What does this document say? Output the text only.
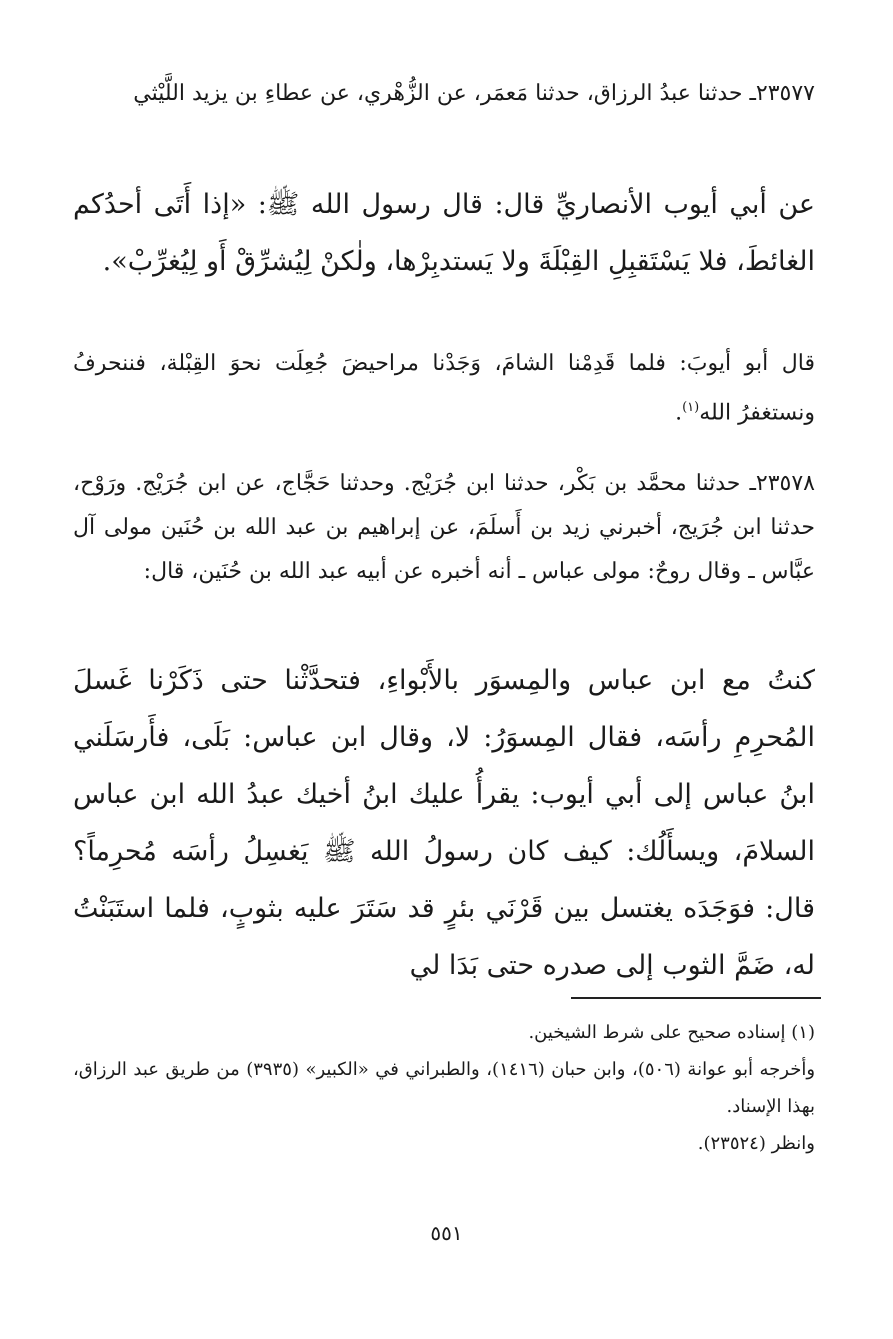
٢٣٥٧٧ـ حدثنا عبدُ الرزاق، حدثنا مَعمَر، عن الزُّهْري، عن عطاءِ بن يزيد اللَّيْثي

عن أبي أيوب الأنصاريِّ قال: قال رسول الله ﷺ: «إذا أَتَى أحدُكم الغائطَ، فلا يَسْتَقبِلِ القِبْلَةَ ولا يَستدبِرْها، ولٰكنْ لِيُشرِّقْ أَو لِيُغرِّبْ».

قال أبو أيوبَ: فلما قَدِمْنا الشامَ، وَجَدْنا مراحيضَ جُعِلَت نحوَ القِبْلة، فننحرفُ ونستغفرُ الله$^{(١)}$.

٢٣٥٧٨ـ حدثنا محمَّد بن بَكْر، حدثنا ابن جُرَيْج. وحدثنا حَجَّاج، عن ابن جُرَيْج. ورَوْح، حدثنا ابن جُرَيج، أخبرني زيد بن أَسلَمَ، عن إبراهيم بن عبد الله بن حُنَين مولى آل عبَّاس ـ وقال روحٌ: مولى عباس ـ أنه أخبره عن أبيه عبد الله بن حُنَين، قال:

كنتُ مع ابن عباس والمِسوَر بالأَبْواءِ، فتحدَّثْنا حتى ذَكَرْنا غَسلَ المُحرِمِ رأسَه، فقال المِسوَرُ: لا، وقال ابن عباس: بَلَى، فأَرسَلَني ابنُ عباس إلى أبي أيوب: يقرأُ عليك ابنُ أخيك عبدُ الله ابن عباس السلامَ، ويسأَلُك: كيف كان رسولُ الله ﷺ يَغسِلُ رأسَه مُحرِماً؟ قال: فوَجَدَه يغتسل بين قَرْنَي بئرٍ قد سَتَرَ عليه بثوبٍ، فلما استَبَنْتُ له، ضَمَّ الثوب إلى صدره حتى بَدَا لي

(١) إسناده صحيح على شرط الشيخين.
وأخرجه أبو عوانة (٥٠٦)، وابن حبان (١٤١٦)، والطبراني في «الكبير» (٣٩٣٥) من طريق عبد الرزاق، بهذا الإسناد.
وانظر (٢٣٥٢٤).
٥٥١
